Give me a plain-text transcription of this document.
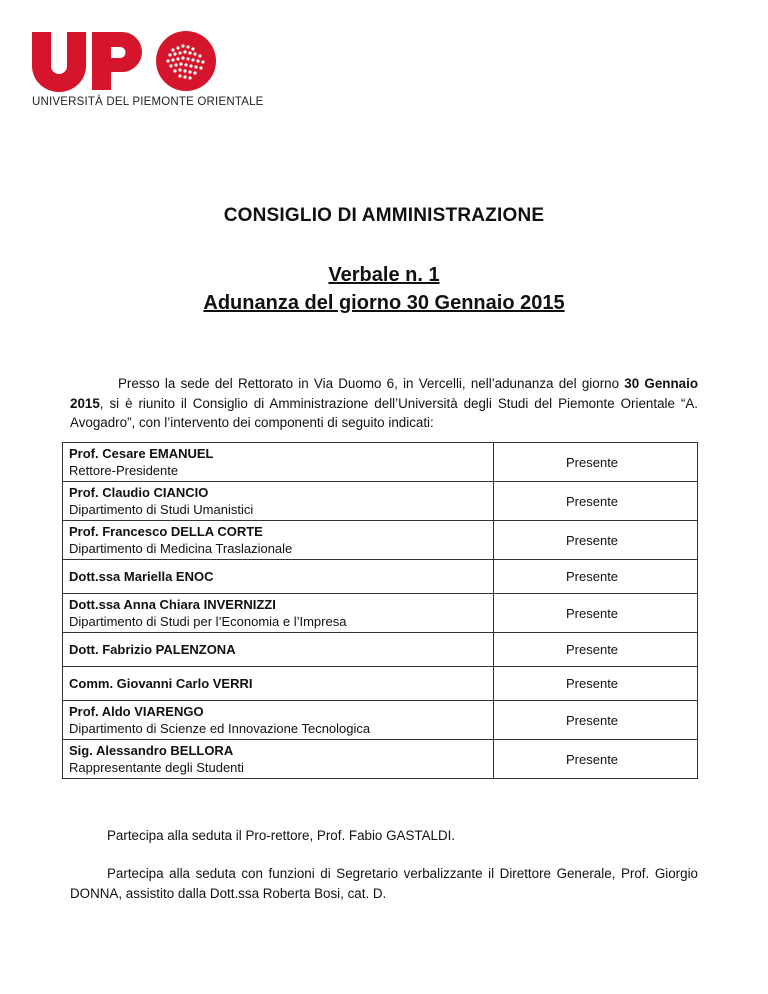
UNIVERSITÀ DEL PIEMONTE ORIENTALE
CONSIGLIO DI AMMINISTRAZIONE
Verbale n. 1
Adunanza del giorno 30 Gennaio 2015
Presso la sede del Rettorato in Via Duomo 6, in Vercelli, nell’adunanza del giorno 30 Gennaio 2015, si è riunito il Consiglio di Amministrazione dell’Università degli Studi del Piemonte Orientale “A. Avogadro”, con l’intervento dei componenti di seguito indicati:
Prof. Cesare EMANUEL
Rettore-Presidente	Presente

Prof. Claudio CIANCIO
Dipartimento di Studi Umanistici	Presente

Prof. Francesco DELLA CORTE
Dipartimento di Medicina Traslazionale	Presente

Dott.ssa Mariella ENOC	Presente

Dott.ssa Anna Chiara INVERNIZZI
Dipartimento di Studi per l’Economia e l’Impresa	Presente

Dott. Fabrizio PALENZONA	Presente

Comm. Giovanni Carlo VERRI	Presente

Prof. Aldo VIARENGO
Dipartimento di Scienze ed Innovazione Tecnologica	Presente

Sig. Alessandro BELLORA
Rappresentante degli Studenti	Presente
Partecipa alla seduta il Pro-rettore, Prof. Fabio GASTALDI.
Partecipa alla seduta con funzioni di Segretario verbalizzante il Direttore Generale, Prof. Giorgio DONNA, assistito dalla Dott.ssa Roberta Bosi, cat. D.
